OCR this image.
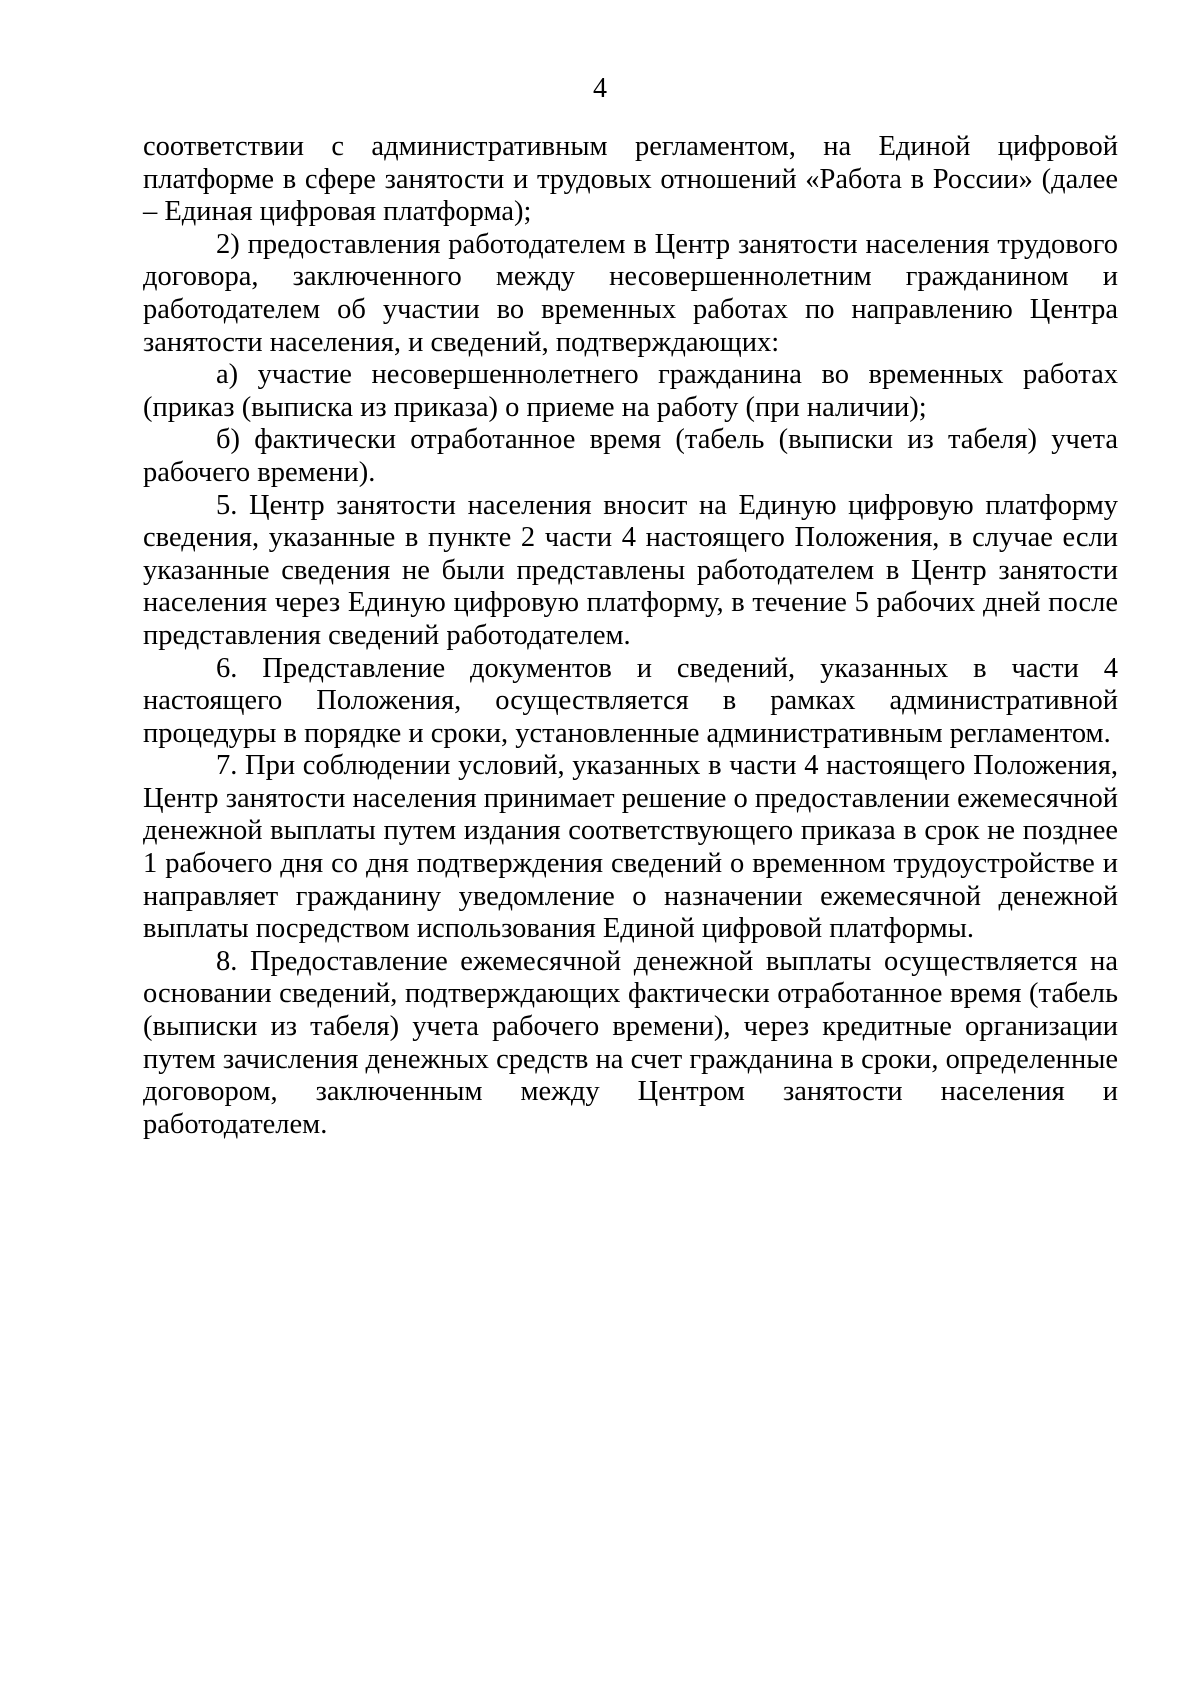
4

соответствии с административным регламентом, на Единой цифровой платформе в сфере занятости и трудовых отношений «Работа в России» (далее – Единая цифровая платформа);

2) предоставления работодателем в Центр занятости населения трудового договора, заключенного между несовершеннолетним гражданином и работодателем об участии во временных работах по направлению Центра занятости населения, и сведений, подтверждающих:

а) участие несовершеннолетнего гражданина во временных работах (приказ (выписка из приказа) о приеме на работу (при наличии);

б) фактически отработанное время (табель (выписки из табеля) учета рабочего времени).

5. Центр занятости населения вносит на Единую цифровую платформу сведения, указанные в пункте 2 части 4 настоящего Положения, в случае если указанные сведения не были представлены работодателем в Центр занятости населения через Единую цифровую платформу, в течение 5 рабочих дней после представления сведений работодателем.

6. Представление документов и сведений, указанных в части 4 настоящего Положения, осуществляется в рамках административной процедуры в порядке и сроки, установленные административным регламентом.

7. При соблюдении условий, указанных в части 4 настоящего Положения, Центр занятости населения принимает решение о предоставлении ежемесячной денежной выплаты путем издания соответствующего приказа в срок не позднее 1 рабочего дня со дня подтверждения сведений о временном трудоустройстве и направляет гражданину уведомление о назначении ежемесячной денежной выплаты посредством использования Единой цифровой платформы.

8. Предоставление ежемесячной денежной выплаты осуществляется на основании сведений, подтверждающих фактически отработанное время (табель (выписки из табеля) учета рабочего времени), через кредитные организации путем зачисления денежных средств на счет гражданина в сроки, определенные договором, заключенным между Центром занятости населения и работодателем.
